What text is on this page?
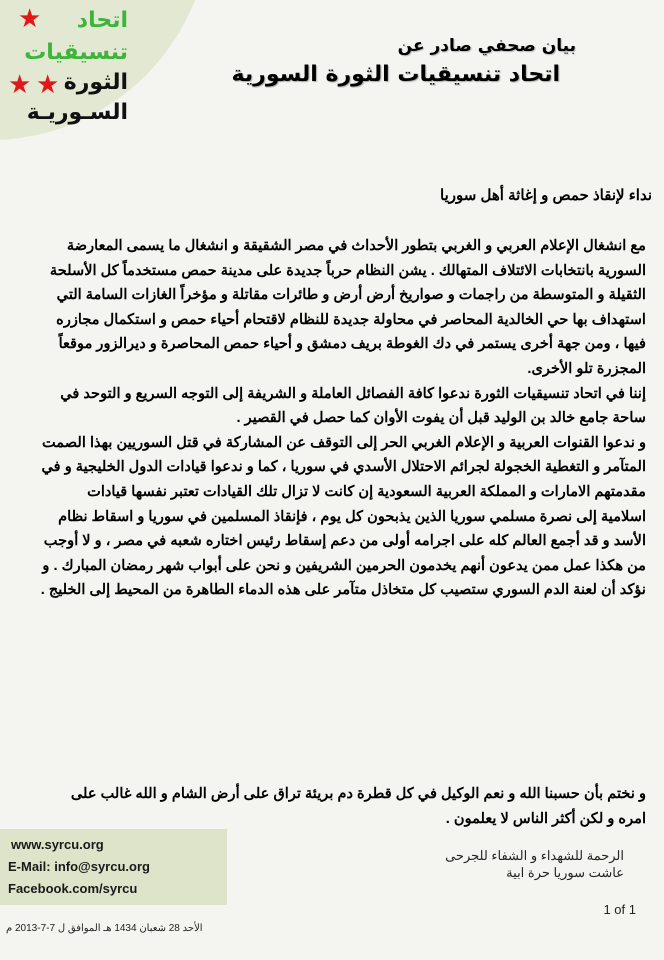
★
★ ★
اتحاد
تنسيقيات
الثورة
السـوريـة
بيان صحفي صادر عن
اتحاد تنسيقيات الثورة السورية
نداء لإنقاذ حمص و إغاثة أهل سوريا

مع انشغال الإعلام العربي و الغربي بتطور الأحداث في مصر الشقيقة و انشغال ما يسمى المعارضة السورية بانتخابات الائتلاف المتهالك . يشن النظام حرباً جديدة على مدينة حمص مستخدماً كل الأسلحة الثقيلة و المتوسطة من راجمات و صواريخ أرض أرض و طائرات مقاتلة و مؤخراً الغازات السامة التي استهداف بها حي الخالدية المحاصر في محاولة جديدة للنظام لاقتحام أحياء حمص و استكمال مجازره فيها ، ومن جهة أخرى يستمر في دك الغوطة بريف دمشق و أحياء حمص المحاصرة و ديرالزور موقعاً المجزرة تلو الأخرى.

إننا في اتحاد تنسيقيات الثورة ندعوا كافة الفصائل العاملة و الشريفة إلى التوجه السريع و التوحد في ساحة جامع خالد بن الوليد قبل أن يفوت الأوان كما حصل في القصير .

و ندعوا القنوات العربية و الإعلام الغربي الحر إلى التوقف عن المشاركة في قتل السوريين بهذا الصمت المتآمر و التغطية الخجولة لجرائم الاحتلال الأسدي في سوريا ، كما و ندعوا قيادات الدول الخليجية و في مقدمتهم الامارات و المملكة العربية السعودية إن كانت لا تزال تلك القيادات تعتبر نفسها قيادات اسلامية إلى نصرة مسلمي سوريا الذين يذبحون كل يوم ، فإنقاذ المسلمين في سوريا و اسقاط نظام الأسد و قد أجمع العالم كله على اجرامه أولى من دعم إسقاط رئيس اختاره شعبه في مصر ، و لا أوجب من هكذا عمل ممن يدعون أنهم يخدمون الحرمين الشريفين و نحن على أبواب شهر رمضان المبارك . و نؤكد أن لعنة الدم السوري ستصيب كل متخاذل متآمر على هذه الدماء الطاهرة من المحيط إلى الخليج .

و نختم بأن حسبنا الله و نعم الوكيل في كل قطرة دم بريئة تراق على أرض الشام و الله غالب على امره و لكن أكثر الناس لا يعلمون .
www.syrcu.org
E-Mail: info@syrcu.org
Facebook.com/syrcu
الرحمة للشهداء و الشفاء للجرحى
عاشت سوريا حرة ابية
1 of 1
الأحد 28 شعبان 1434 هـ الموافق ل 7-7-2013 م
